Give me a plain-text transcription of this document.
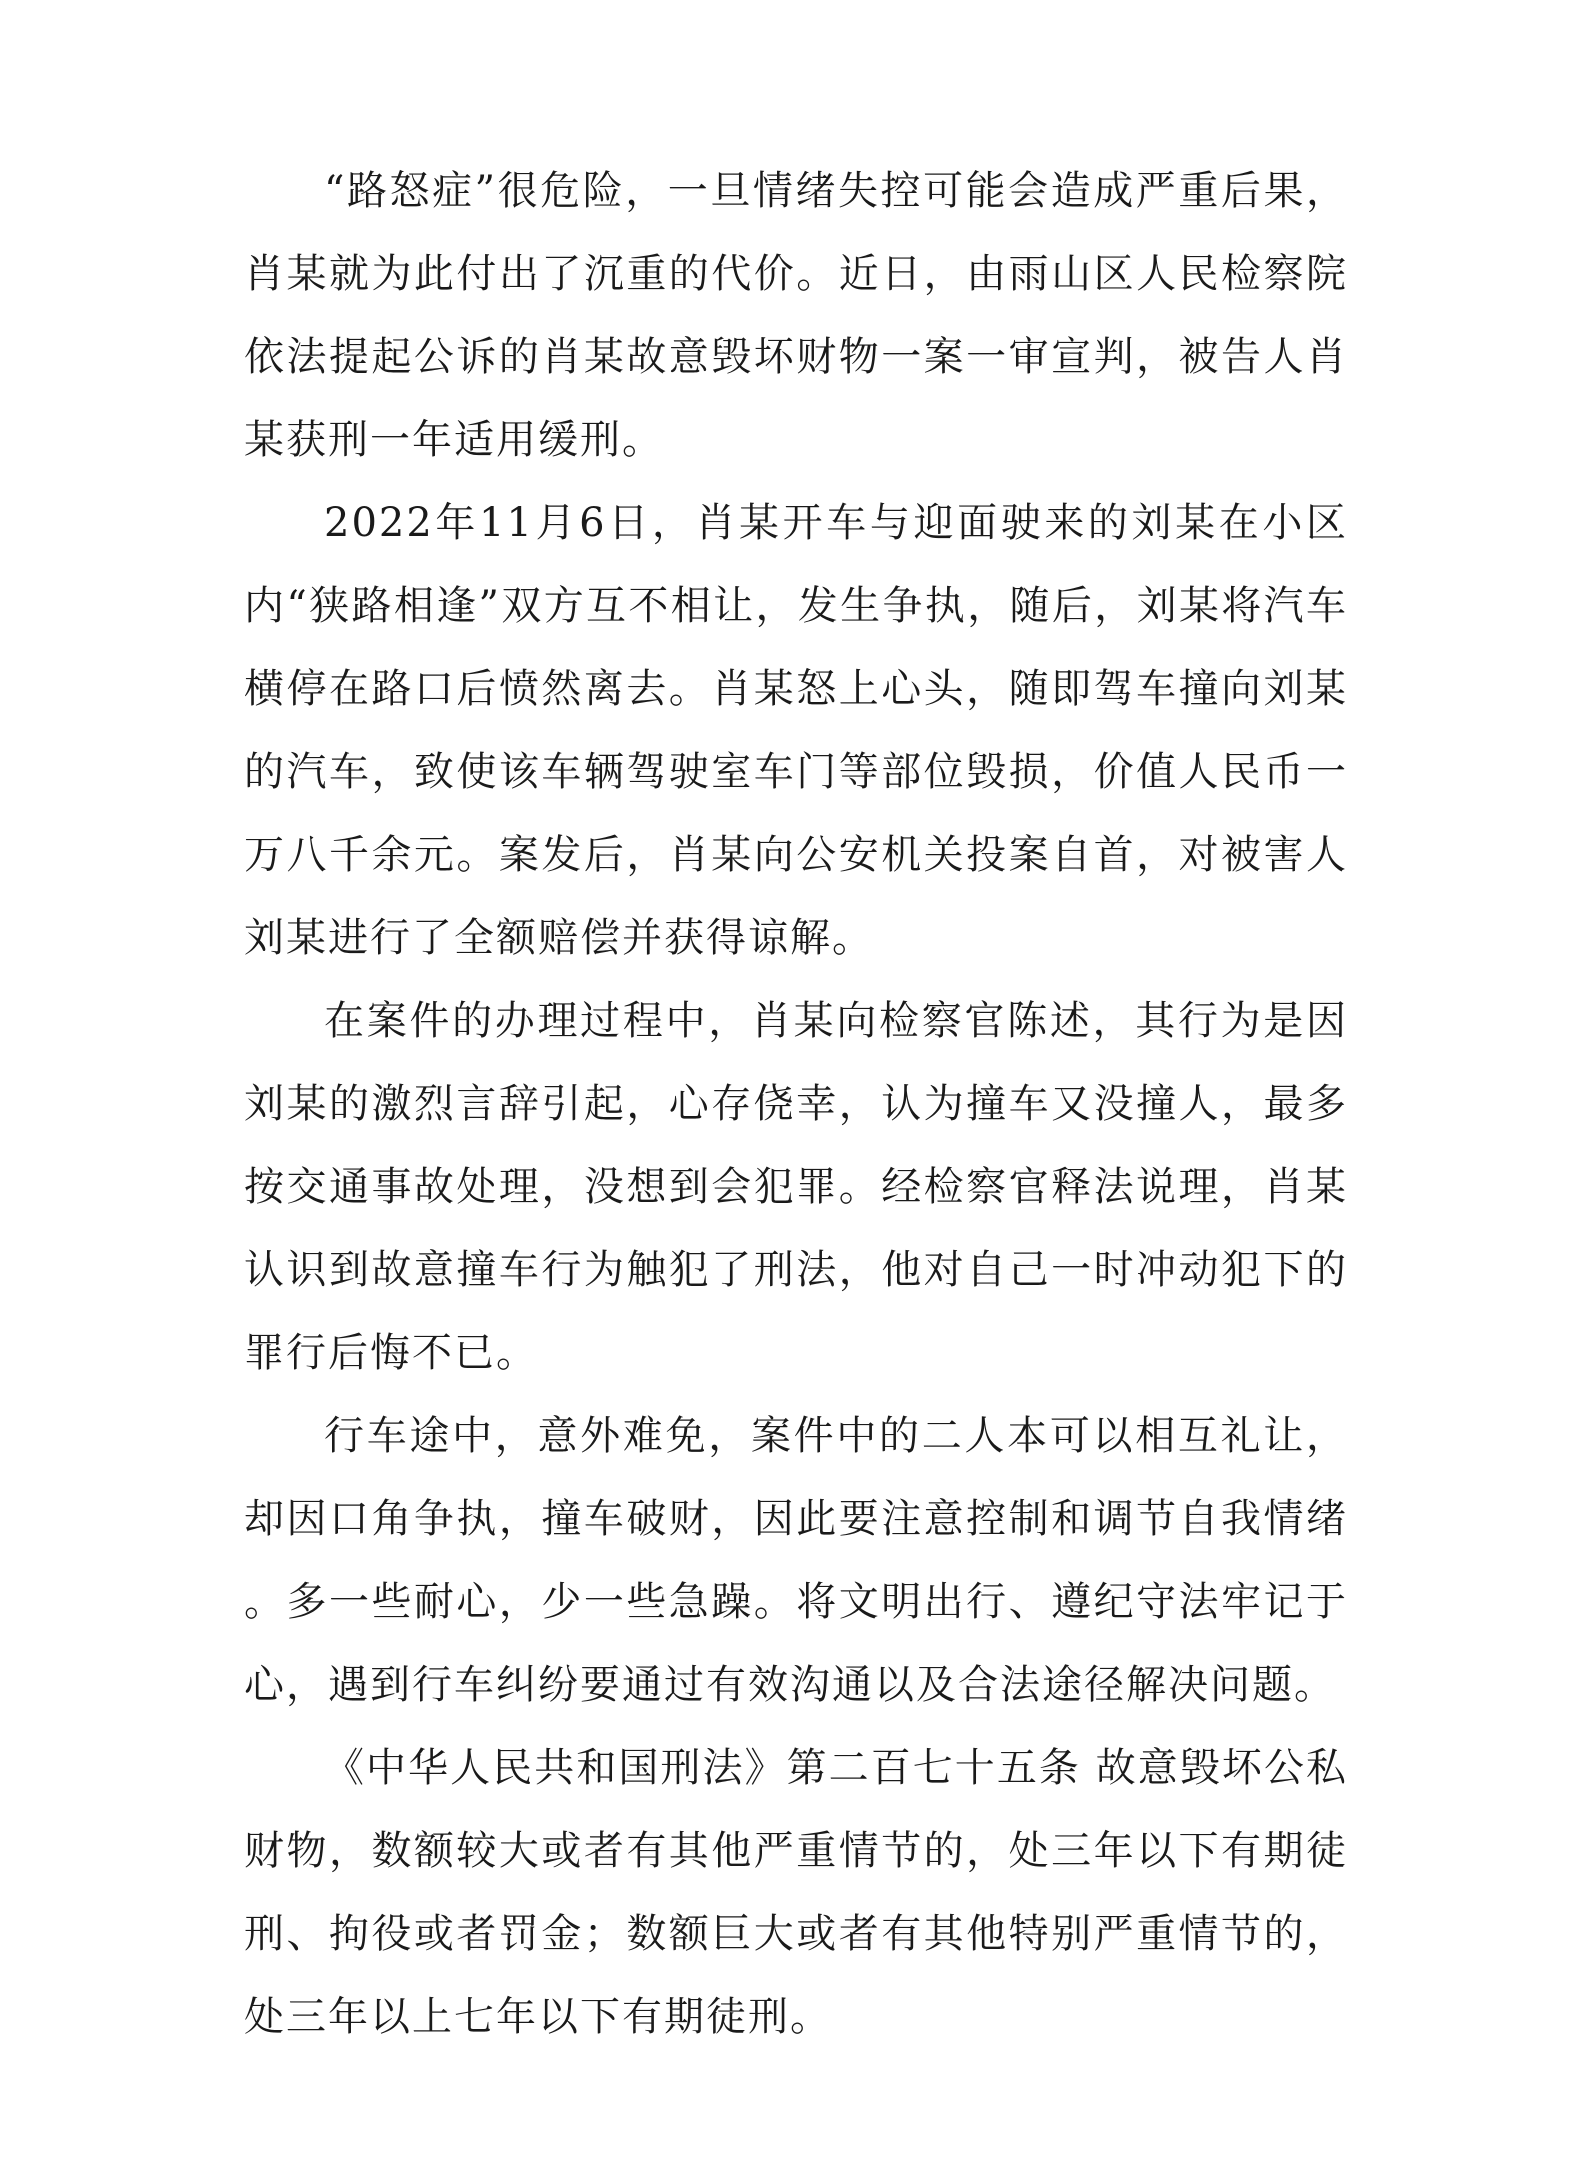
“路怒症”很危险，一旦情绪失控可能会造成严重后果，肖某就为此付出了沉重的代价。近日，由雨山区人民检察院依法提起公诉的肖某故意毁坏财物一案一审宣判，被告人肖某获刑一年适用缓刑。

2022年11月6日，肖某开车与迎面驶来的刘某在小区内“狭路相逢”双方互不相让，发生争执，随后，刘某将汽车横停在路口后愤然离去。肖某怒上心头，随即驾车撞向刘某的汽车，致使该车辆驾驶室车门等部位毁损，价值人民币一万八千余元。案发后，肖某向公安机关投案自首，对被害人刘某进行了全额赔偿并获得谅解。

在案件的办理过程中，肖某向检察官陈述，其行为是因刘某的激烈言辞引起，心存侥幸，认为撞车又没撞人，最多按交通事故处理，没想到会犯罪。经检察官释法说理，肖某认识到故意撞车行为触犯了刑法，他对自己一时冲动犯下的罪行后悔不已。

行车途中，意外难免，案件中的二人本可以相互礼让，却因口角争执，撞车破财，因此要注意控制和调节自我情绪。多一些耐心，少一些急躁。将文明出行、遵纪守法牢记于心，遇到行车纠纷要通过有效沟通以及合法途径解决问题。

《中华人民共和国刑法》第二百七十五条 故意毁坏公私财物，数额较大或者有其他严重情节的，处三年以下有期徒刑、拘役或者罚金；数额巨大或者有其他特别严重情节的，处三年以上七年以下有期徒刑。
